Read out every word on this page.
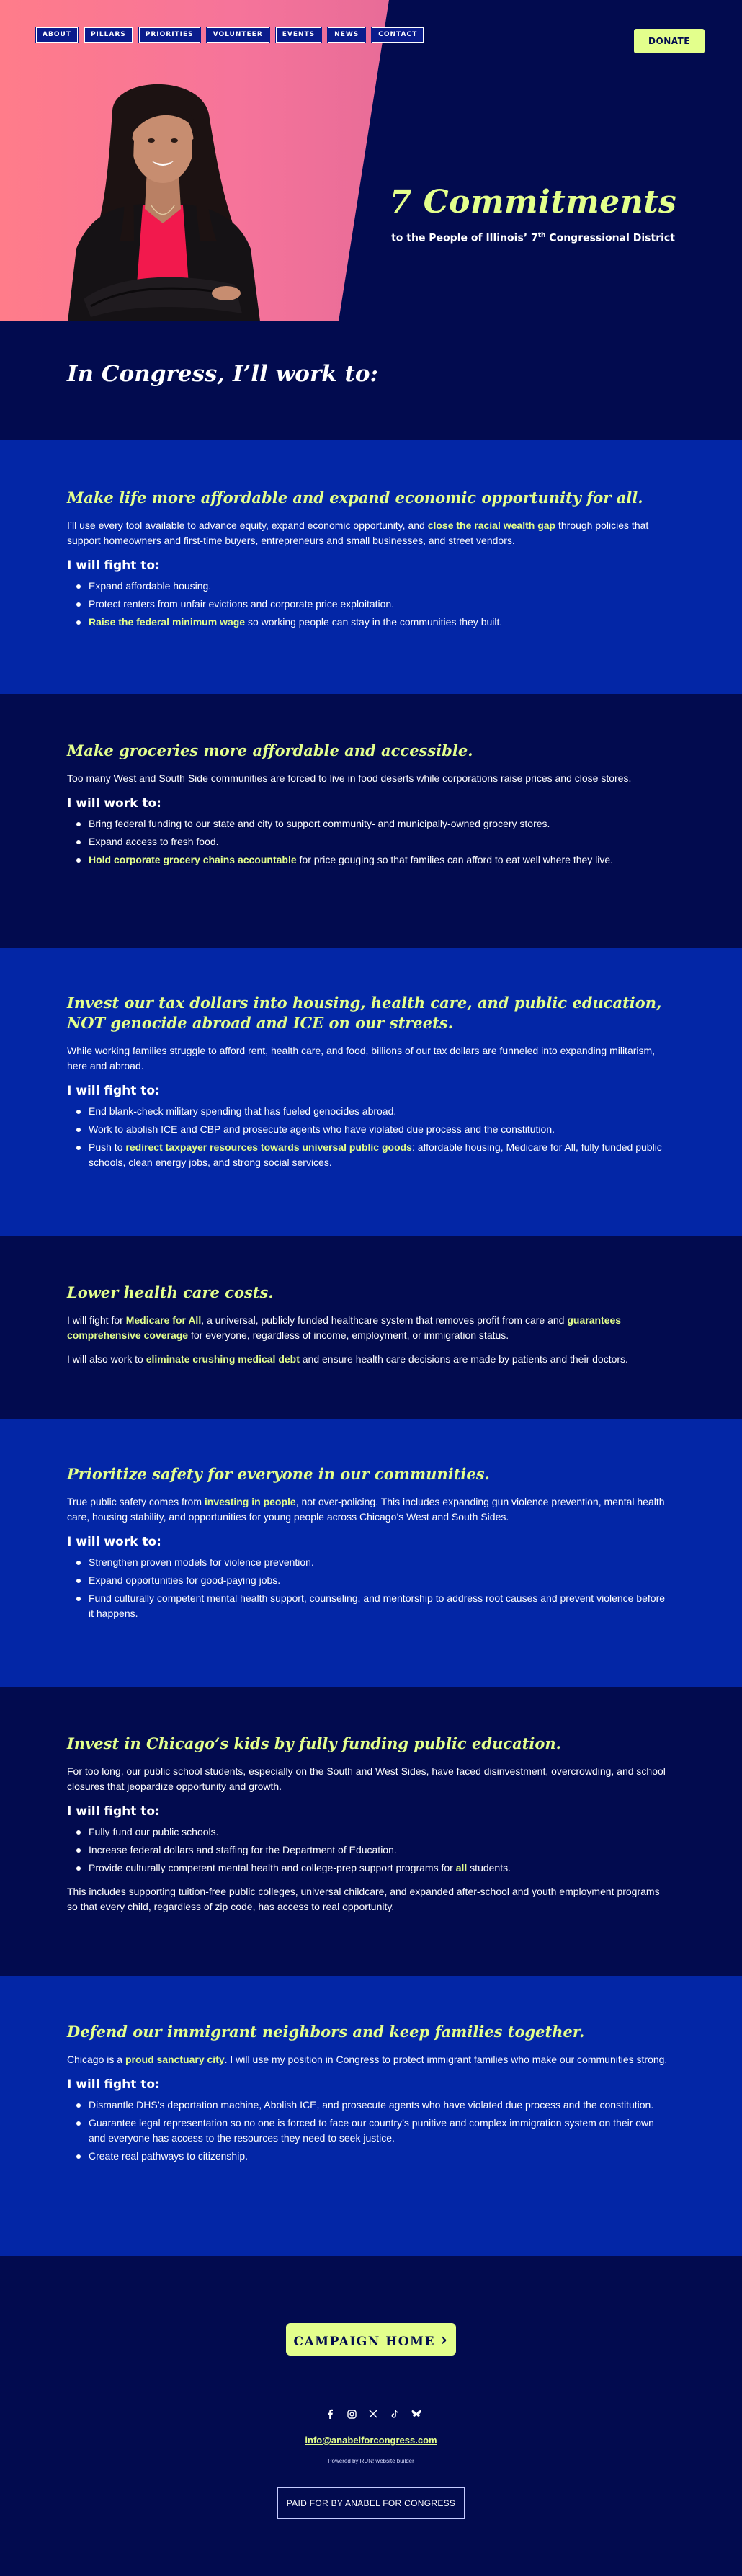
ABOUT	PILLARS	PRIORITIES	VOLUNTEER	EVENTS	NEWS	CONTACT
DONATE
7 Commitments
to the People of Illinois’ 7th Congressional District
In Congress, I’ll work to:
Make life more affordable and expand economic opportunity for all.

I’ll use every tool available to advance equity, expand economic opportunity, and close the racial wealth gap through policies that support homeowners and first-time buyers, entrepreneurs and small businesses, and street vendors.

I will fight to:
Expand affordable housing.
Protect renters from unfair evictions and corporate price exploitation.
Raise the federal minimum wage so working people can stay in the communities they built.
Make groceries more affordable and accessible.

Too many West and South Side communities are forced to live in food deserts while corporations raise prices and close stores.

I will work to:
Bring federal funding to our state and city to support community- and municipally-owned grocery stores.
Expand access to fresh food.
Hold corporate grocery chains accountable for price gouging so that families can afford to eat well where they live.
Invest our tax dollars into housing, health care, and public education, NOT genocide abroad and ICE on our streets.

While working families struggle to afford rent, health care, and food, billions of our tax dollars are funneled into expanding militarism, here and abroad.

I will fight to:
End blank-check military spending that has fueled genocides abroad.
Work to abolish ICE and CBP and prosecute agents who have violated due process and the constitution.
Push to redirect taxpayer resources towards universal public goods: affordable housing, Medicare for All, fully funded public schools, clean energy jobs, and strong social services.
Lower health care costs.

I will fight for Medicare for All, a universal, publicly funded healthcare system that removes profit from care and guarantees comprehensive coverage for everyone, regardless of income, employment, or immigration status.

I will also work to eliminate crushing medical debt and ensure health care decisions are made by patients and their doctors.

Prioritize safety for everyone in our communities.

True public safety comes from investing in people, not over-policing. This includes expanding gun violence prevention, mental health care, housing stability, and opportunities for young people across Chicago’s West and South Sides.

I will work to:
Strengthen proven models for violence prevention.
Expand opportunities for good-paying jobs.
Fund culturally competent mental health support, counseling, and mentorship to address root causes and prevent violence before it happens.
Invest in Chicago’s kids by fully funding public education.

For too long, our public school students, especially on the South and West Sides, have faced disinvestment, overcrowding, and school closures that jeopardize opportunity and growth.

I will fight to:
Fully fund our public schools.
Increase federal dollars and staffing for the Department of Education.
Provide culturally competent mental health and college-prep support programs for all students.

This includes supporting tuition-free public colleges, universal childcare, and expanded after-school and youth employment programs so that every child, regardless of zip code, has access to real opportunity.

Defend our immigrant neighbors and keep families together.

Chicago is a proud sanctuary city. I will use my position in Congress to protect immigrant families who make our communities strong.

I will fight to:
Dismantle DHS’s deportation machine, Abolish ICE, and prosecute agents who have violated due process and the constitution.
Guarantee legal representation so no one is forced to face our country’s punitive and complex immigration system on their own and everyone has access to the resources they need to seek justice.
Create real pathways to citizenship.
CAMPAIGN HOME ›
info@anabelforcongress.com
Powered by RUN! website builder
PAID FOR BY ANABEL FOR CONGRESS
